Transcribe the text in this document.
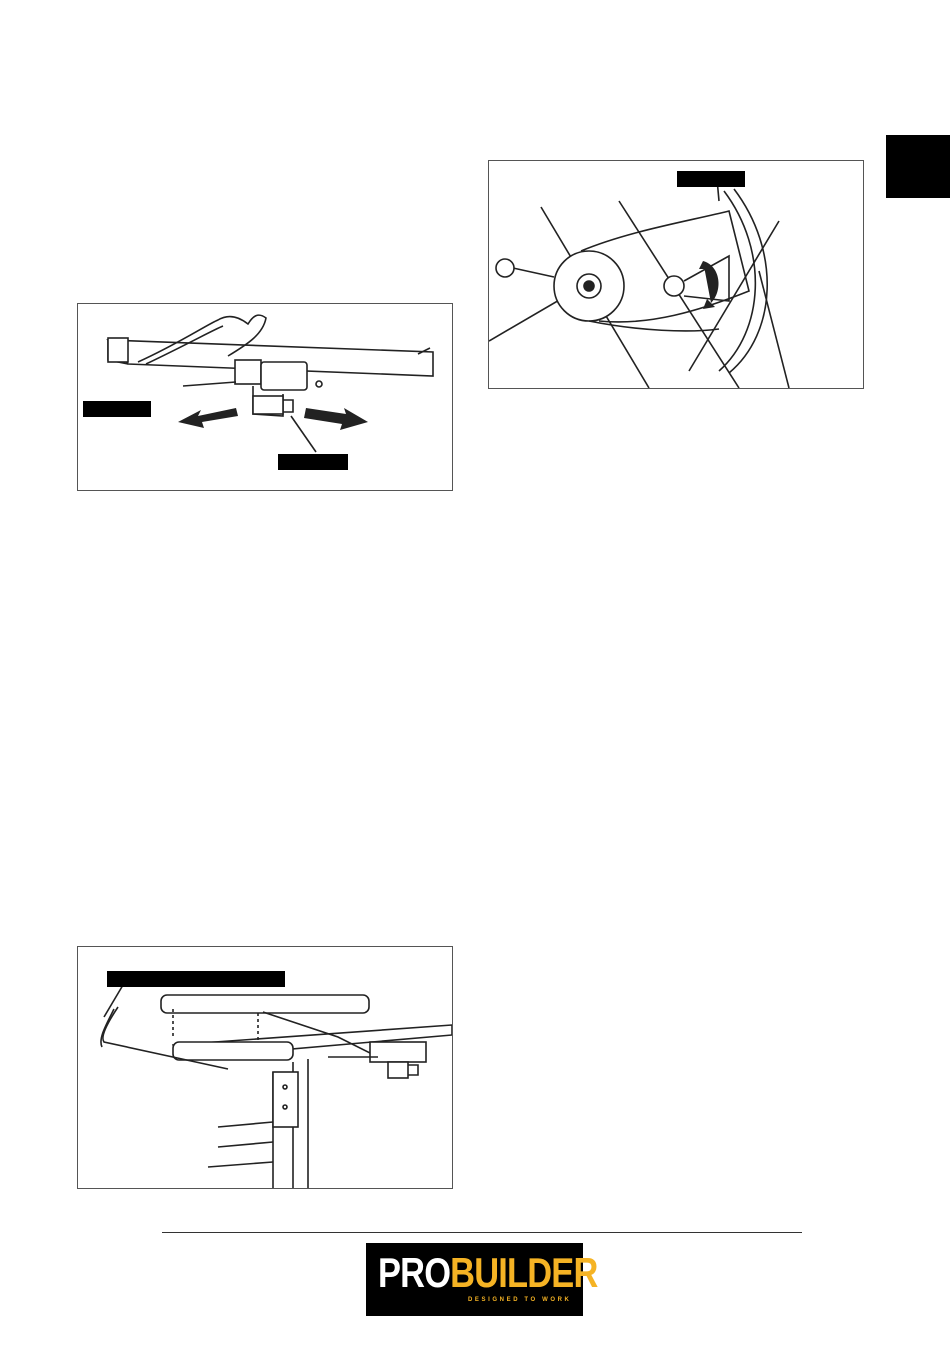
PROBUILDER
DESIGNED TO WORK
